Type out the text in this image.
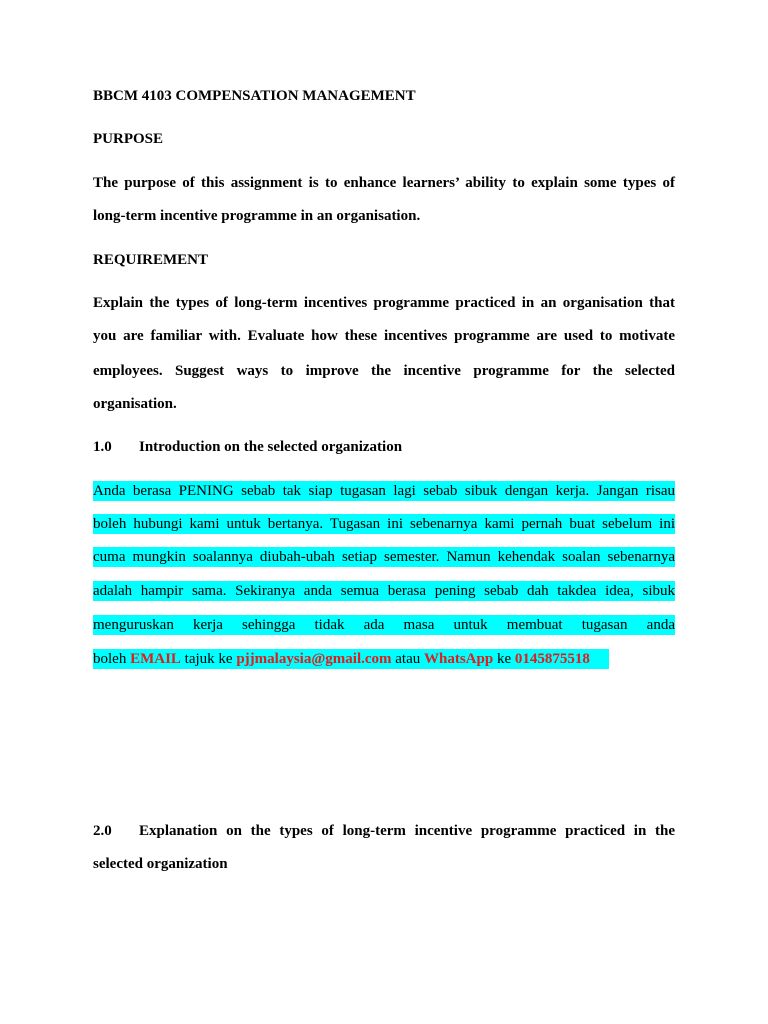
BBCM 4103 COMPENSATION MANAGEMENT
PURPOSE
The purpose of this assignment is to enhance learners’ ability to explain some types of
long-term incentive programme in an organisation.
REQUIREMENT
Explain the types of long-term incentives programme practiced in an organisation that
you are familiar with. Evaluate how these incentives programme are used to motivate
employees. Suggest ways to improve the incentive programme for the selected
organisation.
1.0 Introduction on the selected organization
Anda berasa PENING sebab tak siap tugasan lagi sebab sibuk dengan kerja. Jangan risau
boleh hubungi kami untuk bertanya. Tugasan ini sebenarnya kami pernah buat sebelum ini
cuma mungkin soalannya diubah-ubah setiap semester. Namun kehendak soalan sebenarnya
adalah hampir sama. Sekiranya anda semua berasa pening sebab dah takdea idea, sibuk
menguruskan kerja sehingga tidak ada masa untuk membuat tugasan anda
boleh EMAIL tajuk ke pjjmalaysia@gmail.com atau WhatsApp ke 0145875518
2.0 Explanation on the types of long-term incentive programme practiced in the
selected organization
